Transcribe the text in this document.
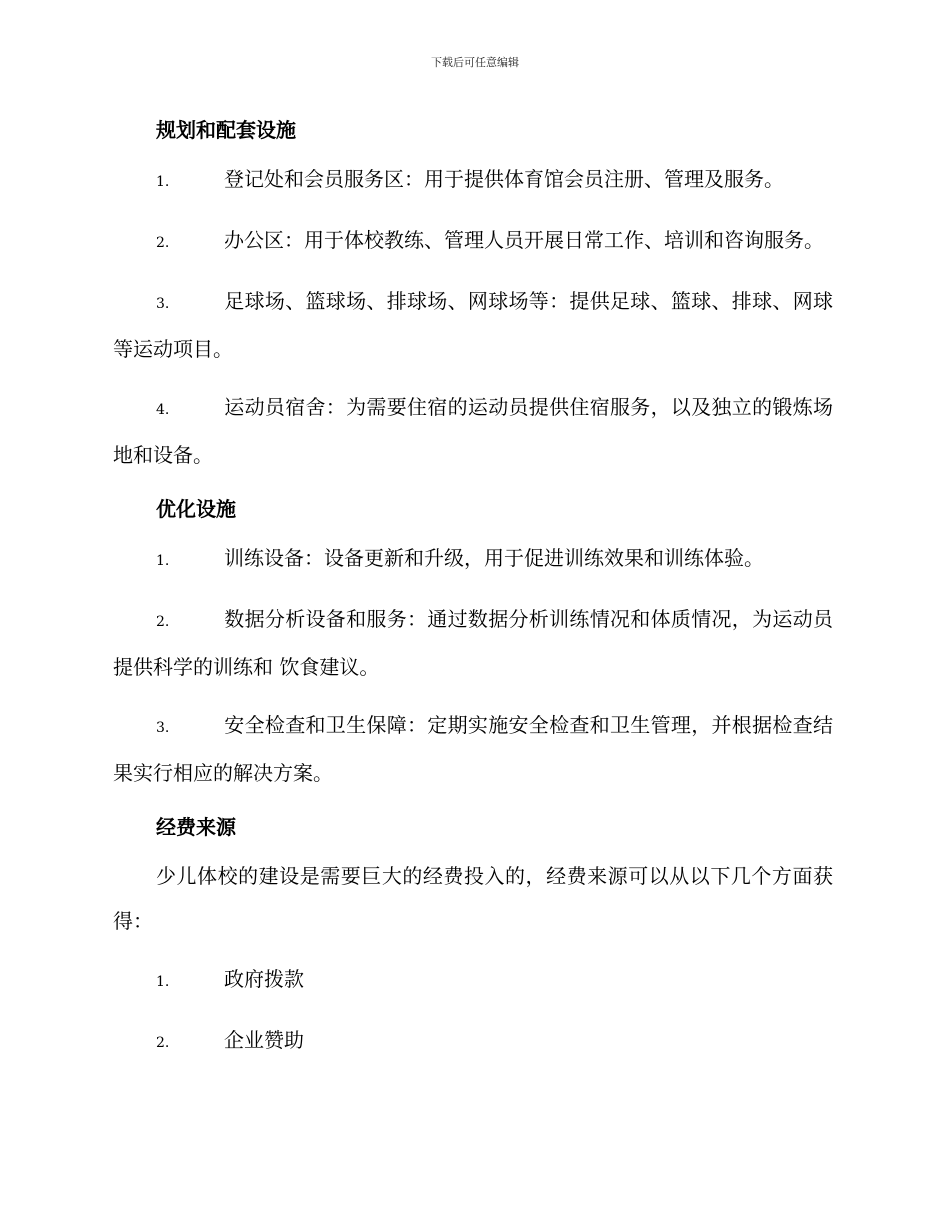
下载后可任意编辑
规划和配套设施
1.	登记处和会员服务区：用于提供体育馆会员注册、管理及服务。
2.	办公区：用于体校教练、管理人员开展日常工作、培训和咨询服务。
3.	足球场、篮球场、排球场、网球场等：提供足球、篮球、排球、网球等运动项目。
4.	运动员宿舍：为需要住宿的运动员提供住宿服务，以及独立的锻炼场地和设备。
优化设施
1.	训练设备：设备更新和升级，用于促进训练效果和训练体验。
2.	数据分析设备和服务：通过数据分析训练情况和体质情况，为运动员提供科学的训练和 饮食建议。
3.	安全检查和卫生保障：定期实施安全检查和卫生管理，并根据检查结果实行相应的解决方案。
经费来源
少儿体校的建设是需要巨大的经费投入的，经费来源可以从以下几个方面获得：
1.	政府拨款
2.	企业赞助
